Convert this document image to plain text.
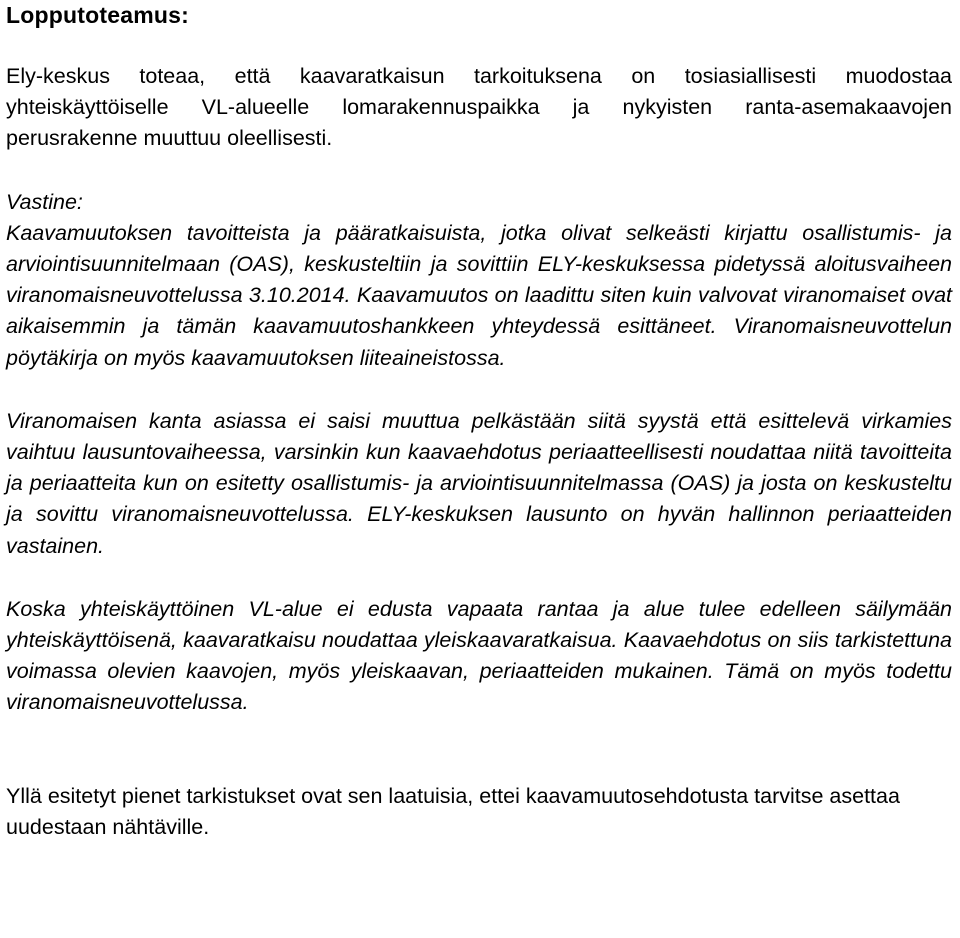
Lopputoteamus:

Ely-keskus toteaa, että kaavaratkaisun tarkoituksena on tosiasiallisesti muodostaa yhteiskäyttöiselle VL-alueelle lomarakennuspaikka ja nykyisten ranta-asemakaavojen perusrakenne muuttuu oleellisesti.

Vastine:

Kaavamuutoksen tavoitteista ja pääratkaisuista, jotka olivat selkeästi kirjattu osallistumis- ja arviointisuunnitelmaan (OAS), keskusteltiin ja sovittiin ELY-keskuksessa pidetyssä aloitusvaiheen viranomaisneuvottelussa 3.10.2014. Kaavamuutos on laadittu siten kuin valvovat viranomaiset ovat aikaisemmin ja tämän kaavamuutoshankkeen yhteydessä esittäneet. Viranomaisneuvottelun pöytäkirja on myös kaavamuutoksen liiteaineistossa.

Viranomaisen kanta asiassa ei saisi muuttua pelkästään siitä syystä että esittelevä virkamies vaihtuu lausuntovaiheessa, varsinkin kun kaavaehdotus periaatteellisesti noudattaa niitä tavoitteita ja periaatteita kun on esitetty osallistumis- ja arviointisuunnitelmassa (OAS) ja josta on keskusteltu ja sovittu viranomaisneuvottelussa. ELY-keskuksen lausunto on hyvän hallinnon periaatteiden vastainen.

Koska yhteiskäyttöinen VL-alue ei edusta vapaata rantaa ja alue tulee edelleen säilymään yhteiskäyttöisenä, kaavaratkaisu noudattaa yleiskaavaratkaisua. Kaavaehdotus on siis tarkistettuna voimassa olevien kaavojen, myös yleiskaavan, periaatteiden mukainen. Tämä on myös todettu viranomaisneuvottelussa.

Yllä esitetyt pienet tarkistukset ovat sen laatuisia, ettei kaavamuutosehdotusta tarvitse asettaa uudestaan nähtäville.
